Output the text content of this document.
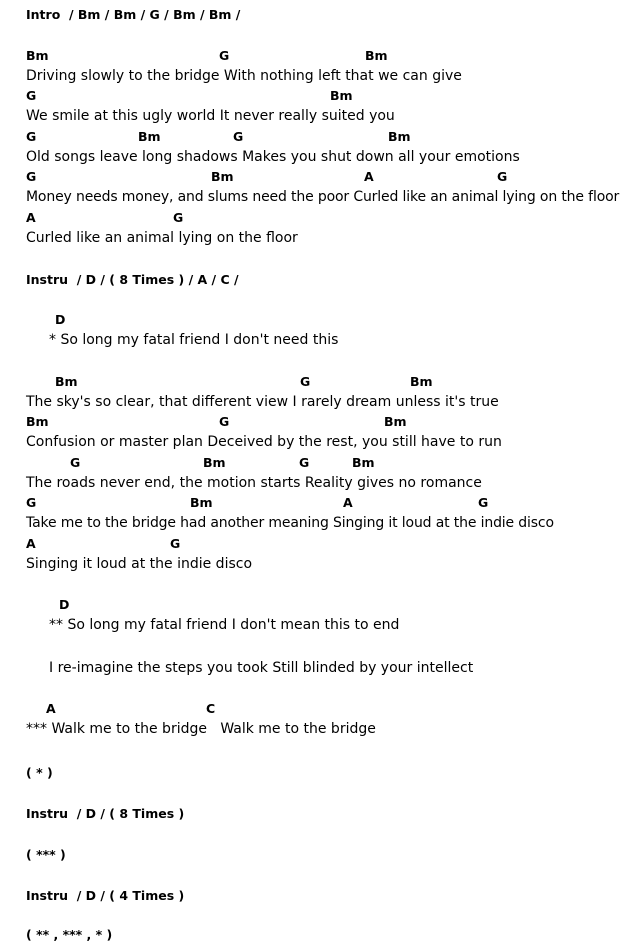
Intro  / Bm / Bm / G / Bm / Bm /
Bm	G	Bm
Driving slowly to the bridge With nothing left that we can give
G	Bm
We smile at this ugly world It never really suited you
G	Bm	G	Bm
Old songs leave long shadows Makes you shut down all your emotions
G	Bm	A	G
Money needs money, and slums need the poor Curled like an animal lying on the floor
A	G
Curled like an animal lying on the floor
Instru  / D / ( 8 Times ) / A / C /
D
* So long my fatal friend I don't need this
Bm	G	Bm
The sky's so clear, that different view I rarely dream unless it's true
Bm	G	Bm
Confusion or master plan Deceived by the rest, you still have to run
G	Bm	G	Bm
The roads never end, the motion starts Reality gives no romance
G	Bm	A	G
Take me to the bridge had another meaning Singing it loud at the indie disco
A	G
Singing it loud at the indie disco
D
** So long my fatal friend I don't mean this to end
I re-imagine the steps you took Still blinded by your intellect
A	C
*** Walk me to the bridge   Walk me to the bridge
( * )
Instru  / D / ( 8 Times )
( *** )
Instru  / D / ( 4 Times )
( ** , *** , * )
